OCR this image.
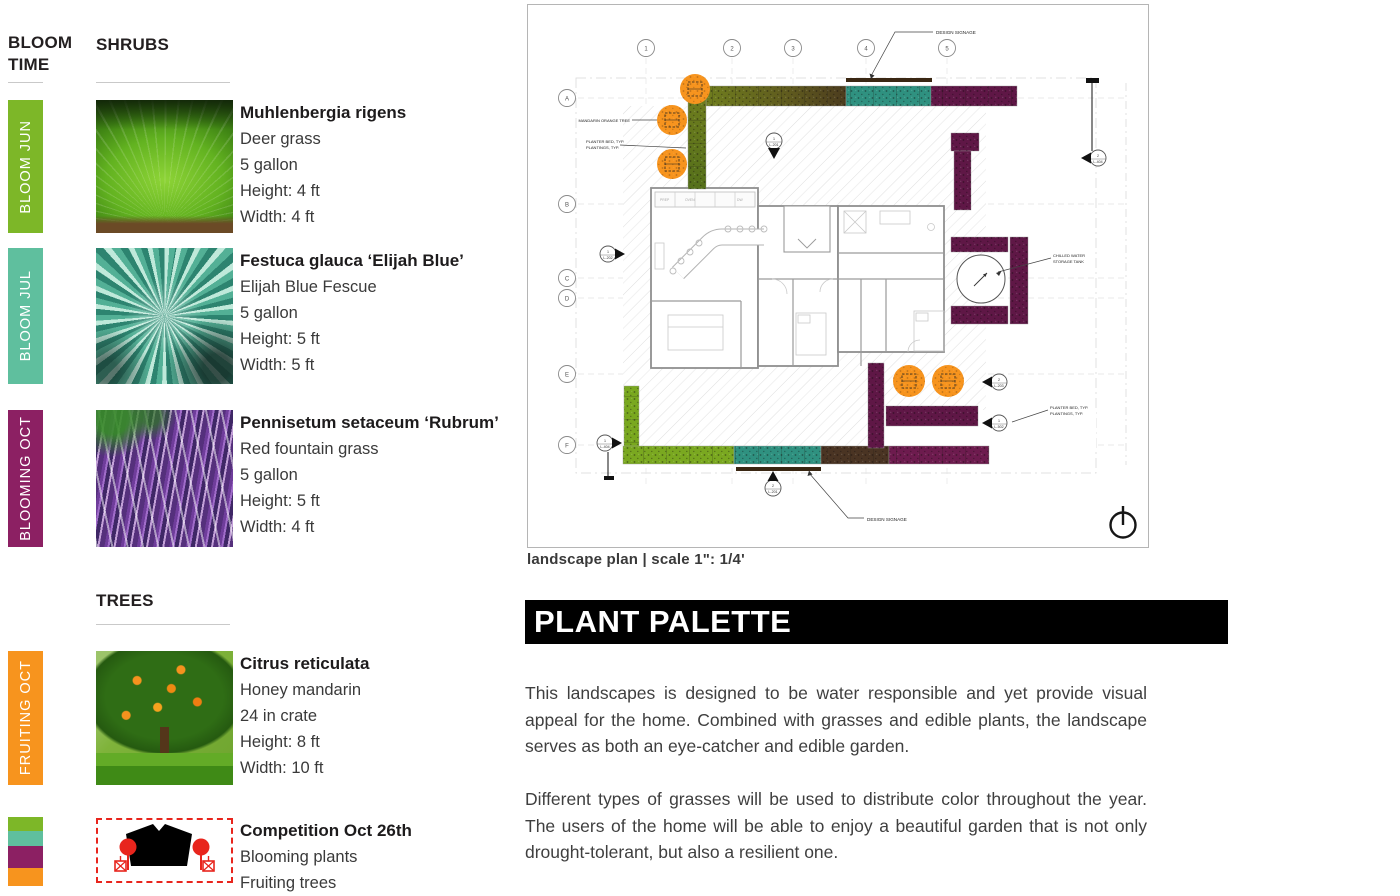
BLOOM TIME
SHRUBS
BLOOM JUN
Muhlenbergia rigens
Deer grass
5 gallon
Height: 4 ft
Width: 4 ft
BLOOM JUL
Festuca glauca ‘Elijah Blue’
Elijah Blue Fescue
5 gallon
Height: 5 ft
Width: 5 ft
BLOOMING OCT	Pennisetum setaceum ‘Rubrum’
Red fountain grass
5 gallon
Height: 5 ft
Width: 4 ft
TREES
FRUITING OCT	Citrus reticulata
Honey mandarin
24 in crate
Height: 8 ft
Width: 10 ft
Competition Oct 26th
Blooming plants
Fruiting trees
PREP	OVEN	DW
1	2	3	4	5
A
B
C
D
E
F
1
L-201
1
L-202
2
L-404
2
L-203
1
L-502
1
L-404
2
L-201
DESIGN SIGNAGE
MANDARIN ORANGE TREE
PLANTER BED, TYP.
PLANTINGS, TYP.
CHILLED WATER
STORAGE TANK
PLANTER BED, TYP.
PLANTINGS, TYP.
DESIGN SIGNAGE
landscape plan | scale 1": 1/4'
PLANT PALETTE
This landscapes is designed to be water responsible and yet provide visual appeal for the home. Combined with grasses and edible plants, the landscape serves as both an eye-catcher and edible garden.
Different types of grasses will be used to distribute color throughout the year. The users of the home will be able to enjoy a beautiful garden that is not only drought-tolerant, but also a resilient one.
